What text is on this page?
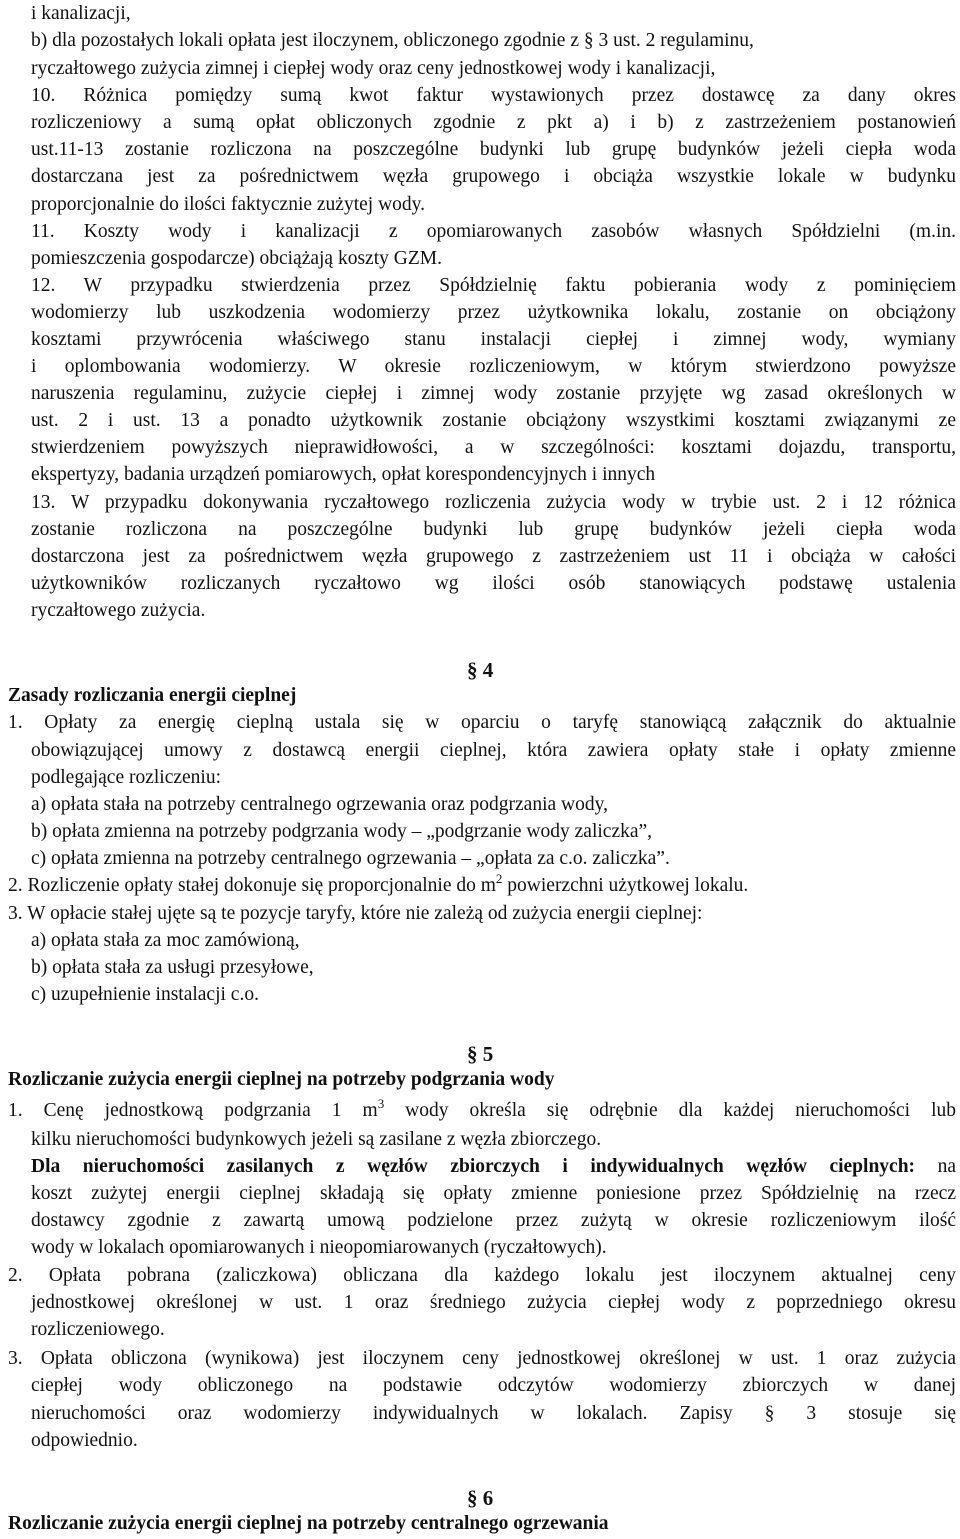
i kanalizacji,
b) dla pozostałych lokali opłata jest iloczynem, obliczonego zgodnie z § 3 ust. 2 regulaminu,
ryczałtowego zużycia zimnej i ciepłej wody oraz ceny jednostkowej wody i kanalizacji,
10. Różnica pomiędzy sumą kwot faktur wystawionych przez dostawcę za dany okres
rozliczeniowy a sumą opłat obliczonych zgodnie z pkt a) i b) z zastrzeżeniem postanowień
ust.11-13 zostanie rozliczona na poszczególne budynki lub grupę budynków jeżeli ciepła woda
dostarczana jest za pośrednictwem węzła grupowego i obciąża wszystkie lokale w budynku
proporcjonalnie do ilości faktycznie zużytej wody.
11. Koszty wody i kanalizacji z opomiarowanych zasobów własnych Spółdzielni (m.in.
pomieszczenia gospodarcze) obciążają koszty GZM.
12. W przypadku stwierdzenia przez Spółdzielnię faktu pobierania wody z pominięciem
wodomierzy lub uszkodzenia wodomierzy przez użytkownika lokalu, zostanie on obciążony
kosztami przywrócenia właściwego stanu instalacji ciepłej i zimnej wody, wymiany
i oplombowania wodomierzy. W okresie rozliczeniowym, w którym stwierdzono powyższe
naruszenia regulaminu, zużycie ciepłej i zimnej wody zostanie przyjęte wg zasad określonych w
ust. 2 i ust. 13 a ponadto użytkownik zostanie obciążony wszystkimi kosztami związanymi ze
stwierdzeniem powyższych nieprawidłowości, a w szczególności: kosztami dojazdu, transportu,
ekspertyzy, badania urządzeń pomiarowych, opłat korespondencyjnych i innych
13. W przypadku dokonywania ryczałtowego rozliczenia zużycia wody w trybie ust. 2 i 12 różnica
zostanie rozliczona na poszczególne budynki lub grupę budynków jeżeli ciepła woda
dostarczona jest za pośrednictwem węzła grupowego z zastrzeżeniem ust 11 i obciąża w całości
użytkowników rozliczanych ryczałtowo wg ilości osób stanowiących podstawę ustalenia
ryczałtowego zużycia.
§ 4
Zasady rozliczania energii cieplnej
1. Opłaty za energię cieplną ustala się w oparciu o taryfę stanowiącą załącznik do aktualnie
obowiązującej umowy z dostawcą energii cieplnej, która zawiera opłaty stałe i opłaty zmienne
podlegające rozliczeniu:
a) opłata stała na potrzeby centralnego ogrzewania oraz podgrzania wody,
b) opłata zmienna na potrzeby podgrzania wody – „podgrzanie wody zaliczka”,
c) opłata zmienna na potrzeby centralnego ogrzewania – „opłata za c.o. zaliczka”.
2. Rozliczenie opłaty stałej dokonuje się proporcjonalnie do $m^2$ powierzchni użytkowej lokalu.
3. W opłacie stałej ujęte są te pozycje taryfy, które nie zależą od zużycia energii cieplnej:
a) opłata stała za moc zamówioną,
b) opłata stała za usługi przesyłowe,
c) uzupełnienie instalacji c.o.
§ 5
Rozliczanie zużycia energii cieplnej na potrzeby podgrzania wody
1. Cenę jednostkową podgrzania 1 $m^3$ wody określa się odrębnie dla każdej nieruchomości lub
kilku nieruchomości budynkowych jeżeli są zasilane z węzła zbiorczego.
Dla nieruchomości zasilanych z węzłów zbiorczych i indywidualnych węzłów cieplnych: na
koszt zużytej energii cieplnej składają się opłaty zmienne poniesione przez Spółdzielnię na rzecz
dostawcy zgodnie z zawartą umową podzielone przez zużytą w okresie rozliczeniowym ilość
wody w lokalach opomiarowanych i nieopomiarowanych (ryczałtowych).
2. Opłata pobrana (zaliczkowa) obliczana dla każdego lokalu jest iloczynem aktualnej ceny
jednostkowej określonej w ust. 1 oraz średniego zużycia ciepłej wody z poprzedniego okresu
rozliczeniowego.
3. Opłata obliczona (wynikowa) jest iloczynem ceny jednostkowej określonej w ust. 1 oraz zużycia
ciepłej wody obliczonego na podstawie odczytów wodomierzy zbiorczych w danej
nieruchomości oraz wodomierzy indywidualnych w lokalach. Zapisy § 3 stosuje się
odpowiednio.
§ 6
Rozliczanie zużycia energii cieplnej na potrzeby centralnego ogrzewania
